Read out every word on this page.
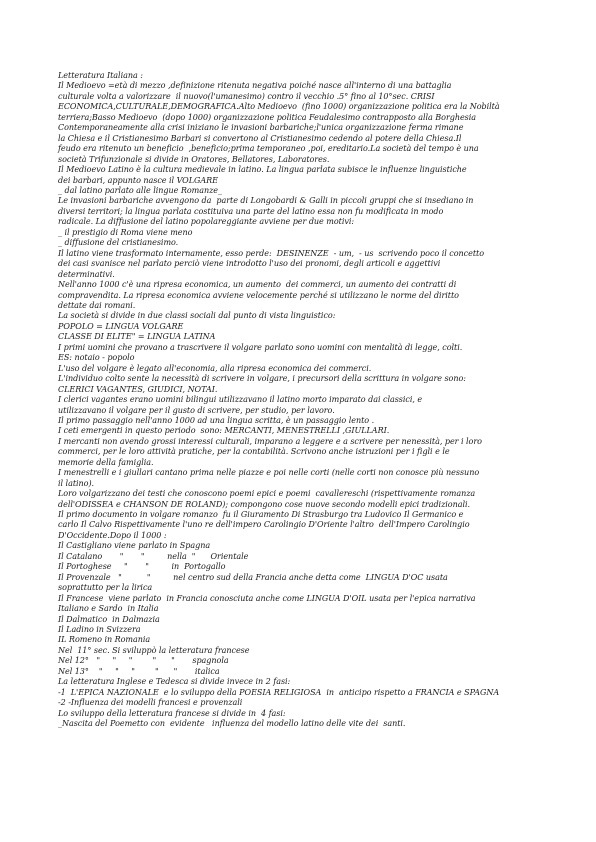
Letteratura Italiana :
Il Medioevo =età di mezzo ,definizione ritenuta negativa poiché nasce all'interno di una battaglia
culturale volta a valorizzare  il nuovo(l'umanesimo) contro il vecchio .5° fino al 10°sec. CRISI
ECONOMICA,CULTURALE,DEMOGRAFICA.Alto Medioevo  (fino 1000) organizzazione politica era la Nobiltà
terriera;Basso Medioevo  (dopo 1000) organizzazione politica Feudalesimo contrapposto alla Borghesia
Contemporaneamente alla crisi iniziano le invasioni barbariche;l'unica organizzazione ferma rimane
la Chiesa e il Cristianesimo Barbari si convertono al Cristianesimo cedendo al potere della Chiesa.Il
feudo era ritenuto un beneficio  ,beneficio;prima temporaneo ,poi, ereditario.La società del tempo è una
società Trifunzionale si divide in Oratores, Bellatores, Laboratores.
Il Medioevo Latino è la cultura medievale in latino. La lingua parlata subisce le influenze linguistiche
dei barbari, appunto nasce il VOLGARE
_ dal latino parlato alle lingue Romanze_
Le invasioni barbariche avvengono da  parte di Longobardi & Galli in piccoli gruppi che si insediano in
diversi territori; la lingua parlata costituiva una parte del latino essa non fu modificata in modo
radicale. La diffusione del latino popolareggiante avviene per due motivi:
_ il prestigio di Roma viene meno
_ diffusione del cristianesimo.
Il latino viene trasformato internamente, esso perde:  DESINENZE  - um,  - us  scrivendo poco il concetto
dei casi svanisce nel parlato perciò viene introdotto l'uso dei pronomi, degli articoli e aggettivi
determinativi.
Nell'anno 1000 c'è una ripresa economica, un aumento  dei commerci, un aumento dei contratti di
compravendita. La ripresa economica avviene velocemente perché si utilizzano le norme del diritto
dettate dai romani.
La società si divide in due classi sociali dal punto di vista linguistico:
POPOLO = LINGUA VOLGARE
CLASSE DI ELITE" = LINGUA LATINA
I primi uomini che provano a trascrivere il volgare parlato sono uomini con mentalità di legge, colti.
ES: notaio - popolo
L'uso del volgare è legato all'economia, alla ripresa economica dei commerci.
L'individuo colto sente la necessità di scrivere in volgare, i precursori della scrittura in volgare sono:
CLERICI VAGANTES, GIUDICI, NOTAI.
I clerici vagantes erano uomini bilingui utilizzavano il latino morto imparato dai classici, e
utilizzavano il volgare per il gusto di scrivere, per studio, per lavoro.
Il primo passaggio nell'anno 1000 ad una lingua scritta, è un passaggio lento .
I ceti emergenti in questo periodo  sono: MERCANTI, MENESTRELLI ,GIULLARI.
I mercanti non avendo grossi interessi culturali, imparano a leggere e a scrivere per nenessità, per i loro
commerci, per le loro attività pratiche, per la contabilità. Scrivono anche istruzioni per i figli e le
memorie della famiglia.
I menestrelli e i giullari cantano prima nelle piazze e poi nelle corti (nelle corti non conosce più nessuno
il latino).
Loro volgarizzano dei testi che conoscono poemi epici e poemi  cavallereschi (rispettivamente romanza
dell'ODISSEA e CHANSON DE ROLAND); compongono cose nuove secondo modelli epici tradizionali.
Il primo documento in volgare romanzo  fu il Giuramento Di Strasburgo tra Ludovico Il Germanico e
carlo Il Calvo Rispettivamente l'uno re dell'impero Carolingio D'Oriente l'altro  dell'Impero Carolingio
D'Occidente.Dopo il 1000 :
Il Castigliano viene parlato in Spagna
Il Catalano       "       "         nella  "      Orientale
Il Portoghese     "       "         in  Portogallo
Il Provenzale   "          "         nel centro sud della Francia anche detta come  LINGUA D'OC usata
soprattutto per la lirica
Il Francese  viene parlato  in Francia conosciuta anche come LINGUA D'OIL usata per l'epica narrativa
Italiano e Sardo  in Italia
Il Dalmatico  in Dalmazia
Il Ladino in Svizzera
IL Romeno in Romania
Nel  11° sec. Si sviluppò la letteratura francese
Nel 12°   "     "     "        "      "       spagnola
Nel 13°    "     "     "        "      "       italica
La letteratura Inglese e Tedesca si divide invece in 2 fasi:
-1  L'EPICA NAZIONALE  e lo sviluppo della POESIA RELIGIOSA  in  anticipo rispetto a FRANCIA e SPAGNA
-2 -Influenza dei modelli francesi e provenzali
Lo sviluppo della letteratura francese si divide in  4 fasi:
_Nascita del Poemetto con  evidente   influenza del modello latino delle vite dei  santi.
